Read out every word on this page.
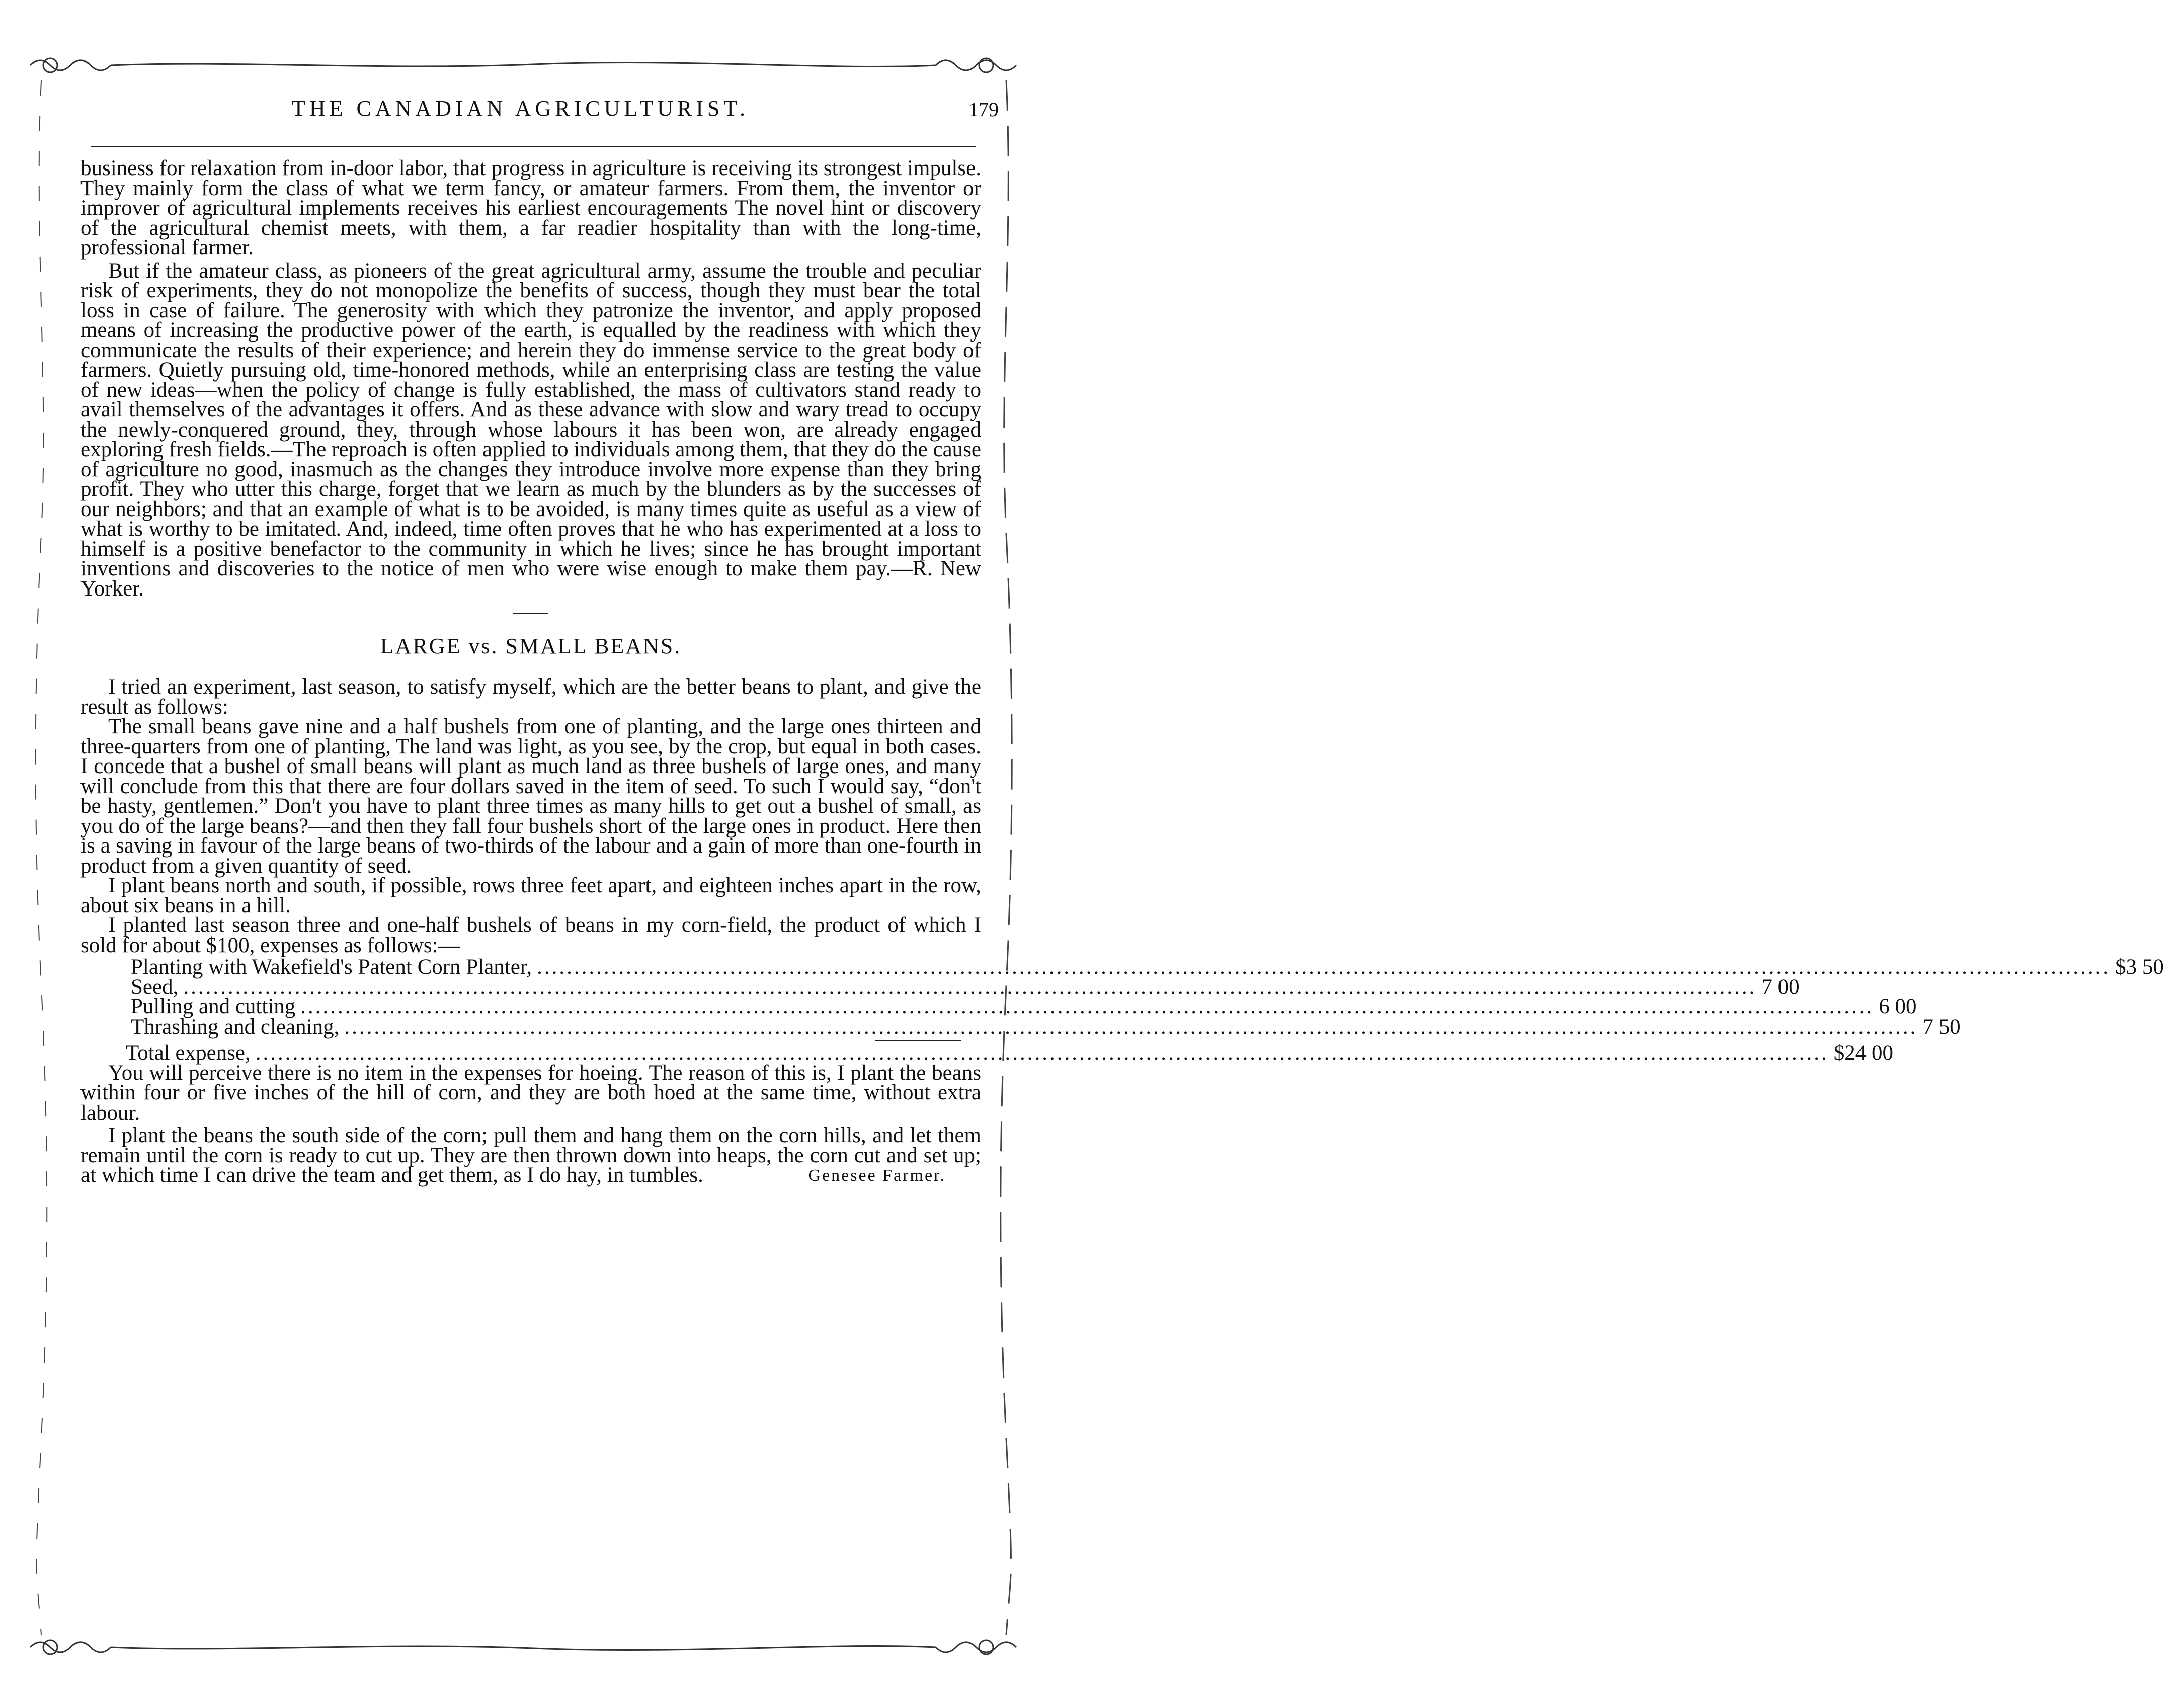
THE CANADIAN AGRICULTURIST.	179

business for relaxation from in-door labor, that progress in agriculture is receiving its strongest impulse. They mainly form the class of what we term fancy, or amateur farmers. From them, the inventor or improver of agricultural implements receives his earliest encouragements The novel hint or discovery of the agricultural chemist meets, with them, a far readier hospitality than with the long-time, professional farmer.

But if the amateur class, as pioneers of the great agricultural army, assume the trouble and peculiar risk of experiments, they do not monopolize the benefits of success, though they must bear the total loss in case of failure. The generosity with which they patronize the inventor, and apply proposed means of increasing the productive power of the earth, is equalled by the readiness with which they communicate the results of their experience; and herein they do immense service to the great body of farmers. Quietly pursuing old, time-honored methods, while an enterprising class are testing the value of new ideas—when the policy of change is fully established, the mass of cultivators stand ready to avail themselves of the advantages it offers. And as these advance with slow and wary tread to occupy the newly-conquered ground, they, through whose labours it has been won, are already engaged exploring fresh fields.—The reproach is often applied to individuals among them, that they do the cause of agriculture no good, inasmuch as the changes they introduce involve more expense than they bring profit. They who utter this charge, forget that we learn as much by the blunders as by the successes of our neighbors; and that an example of what is to be avoided, is many times quite as useful as a view of what is worthy to be imitated. And, indeed, time often proves that he who has experimented at a loss to himself is a positive benefactor to the community in which he lives; since he has brought important inventions and discoveries to the notice of men who were wise enough to make them pay.—R. New Yorker.

LARGE vs. SMALL BEANS.

I tried an experiment, last season, to satisfy myself, which are the better beans to plant, and give the result as follows:

The small beans gave nine and a half bushels from one of planting, and the large ones thirteen and three-quarters from one of planting, The land was light, as you see, by the crop, but equal in both cases. I concede that a bushel of small beans will plant as much land as three bushels of large ones, and many will conclude from this that there are four dollars saved in the item of seed. To such I would say, “don't be hasty, gentlemen.” Don't you have to plant three times as many hills to get out a bushel of small, as you do of the large beans?—and then they fall four bushels short of the large ones in product. Here then is a saving in favour of the large beans of two-thirds of the labour and a gain of more than one-fourth in product from a given quantity of seed.

I plant beans north and south, if possible, rows three feet apart, and eighteen inches apart in the row, about six beans in a hill.

I planted last season three and one-half bushels of beans in my corn-field, the product of which I sold for about $100, expenses as follows:—

Planting with Wakefield's Patent Corn Planter, .................................................................................................................................................................................................................... $3 50
Seed, .................................................................................................................................................................................................................... 7 00
Pulling and cutting .................................................................................................................................................................................................................... 6 00
Thrashing and cleaning, .................................................................................................................................................................................................................... 7 50
Total expense, .................................................................................................................................................................................................................... $24 00

You will perceive there is no item in the expenses for hoeing. The reason of this is, I plant the beans within four or five inches of the hill of corn, and they are both hoed at the same time, without extra labour.

I plant the beans the south side of the corn; pull them and hang them on the corn hills, and let them remain until the corn is ready to cut up. They are then thrown down into heaps, the corn cut and set up; at which time I can drive the team and get them, as I do hay, in tumbles.	Genesee Farmer.
